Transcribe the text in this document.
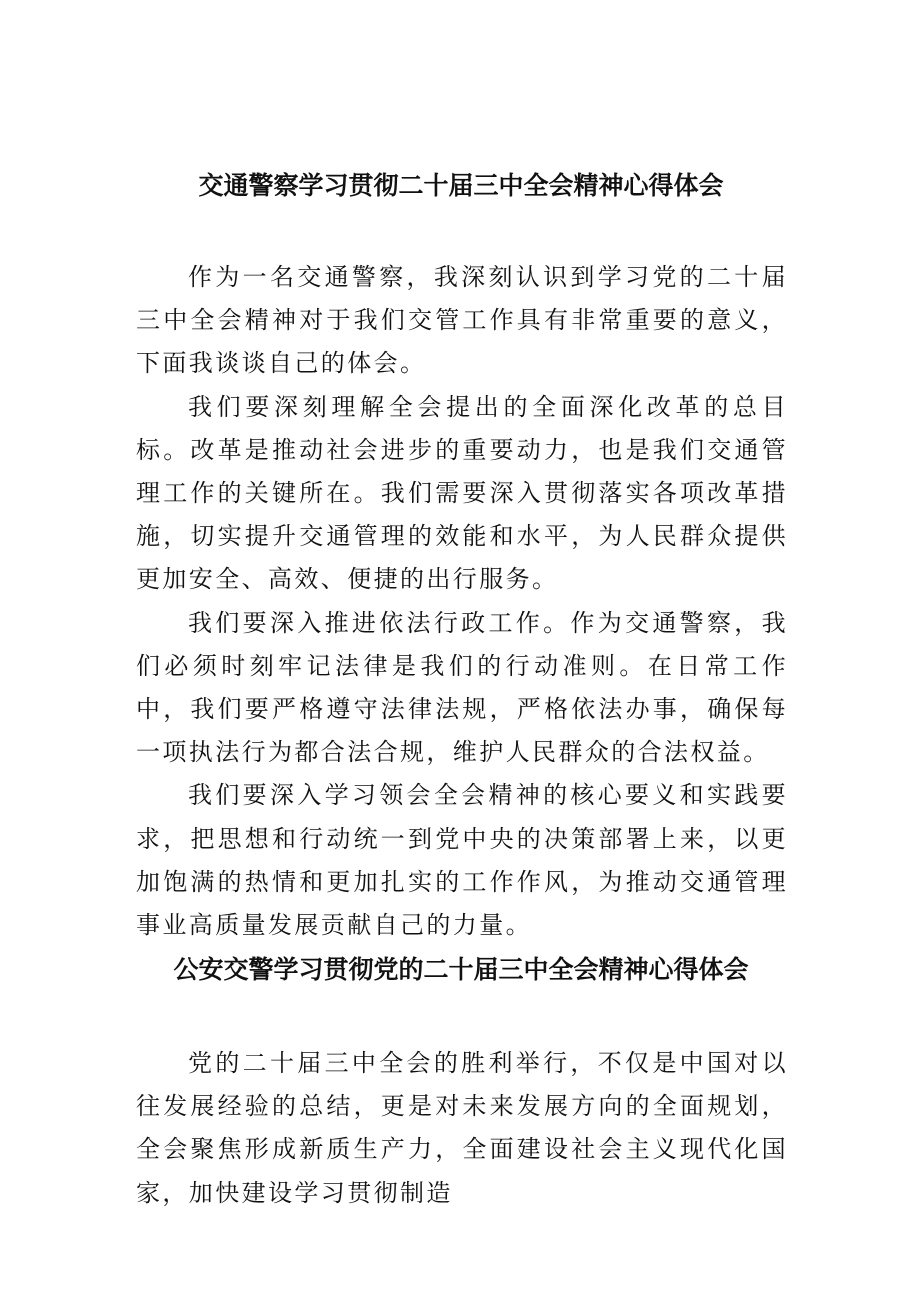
交通警察学习贯彻二十届三中全会精神心得体会

作为一名交通警察，我深刻认识到学习党的二十届三中全会精神对于我们交管工作具有非常重要的意义，下面我谈谈自己的体会。

我们要深刻理解全会提出的全面深化改革的总目标。改革是推动社会进步的重要动力，也是我们交通管理工作的关键所在。我们需要深入贯彻落实各项改革措施，切实提升交通管理的效能和水平，为人民群众提供更加安全、高效、便捷的出行服务。

我们要深入推进依法行政工作。作为交通警察，我们必须时刻牢记法律是我们的行动准则。在日常工作中，我们要严格遵守法律法规，严格依法办事，确保每一项执法行为都合法合规，维护人民群众的合法权益。

我们要深入学习领会全会精神的核心要义和实践要求，把思想和行动统一到党中央的决策部署上来，以更加饱满的热情和更加扎实的工作作风，为推动交通管理事业高质量发展贡献自己的力量。

公安交警学习贯彻党的二十届三中全会精神心得体会

党的二十届三中全会的胜利举行，不仅是中国对以往发展经验的总结，更是对未来发展方向的全面规划，全会聚焦形成新质生产力，全面建设社会主义现代化国家，加快建设学习贯彻制造
